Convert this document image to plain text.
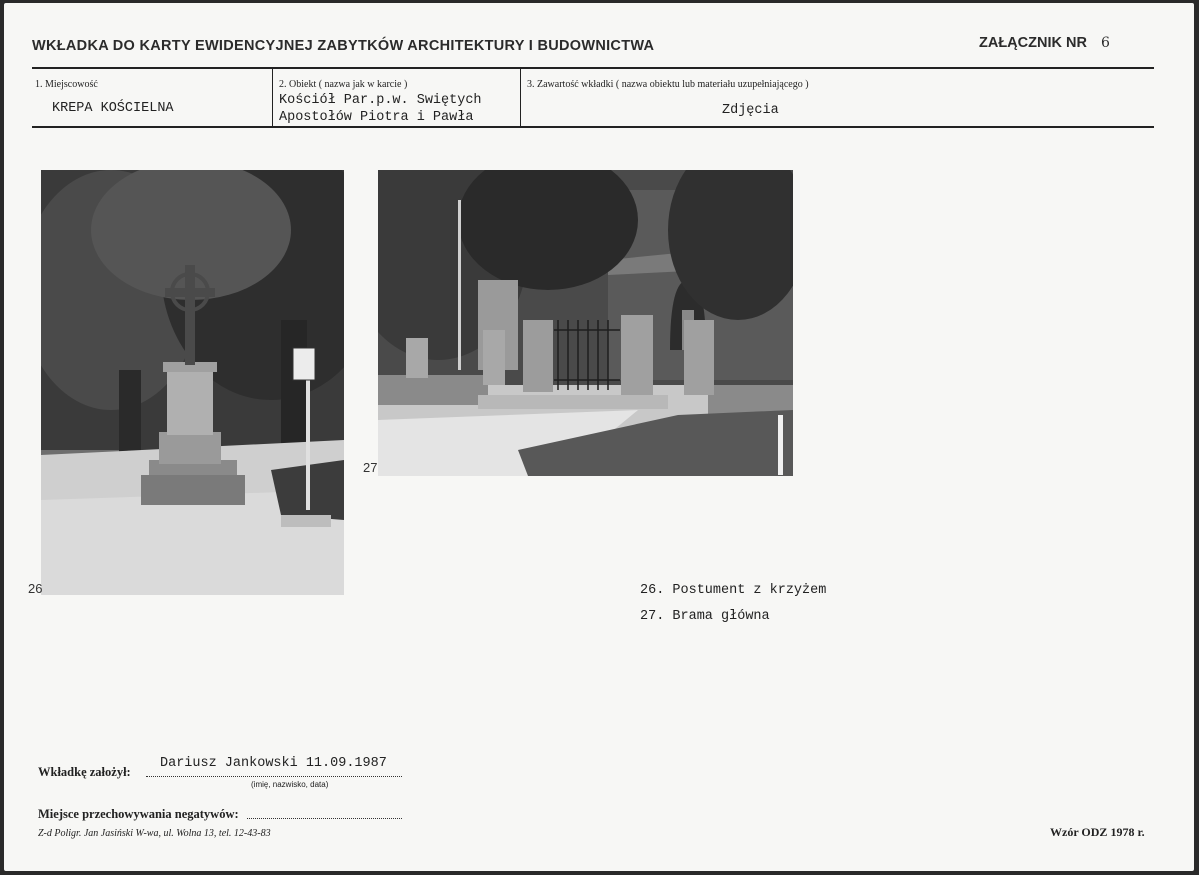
WKŁADKA DO KARTY EWIDENCYJNEJ ZABYTKÓW ARCHITEKTURY I BUDOWNICTWA	ZAŁĄCZNIK NR 6
1. Miejscowość
KREPA KOŚCIELNA
2. Obiekt ( nazwa jak w karcie )
Kościół Par.p.w. Swiętych
Apostołów Piotra i Pawła
3. Zawartość wkładki ( nazwa obiektu lub materiału uzupełniającego )
Zdjęcia
26
27
26. Postument z krzyżem
27. Brama główna
Dariusz Jankowski 11.09.1987
Wkładkę założył:
(imię, nazwisko, data)
Miejsce przechowywania negatywów:
Z-d Poligr. Jan Jasiński W-wa, ul. Wolna 13, tel. 12-43-83	Wzór ODZ 1978 r.
